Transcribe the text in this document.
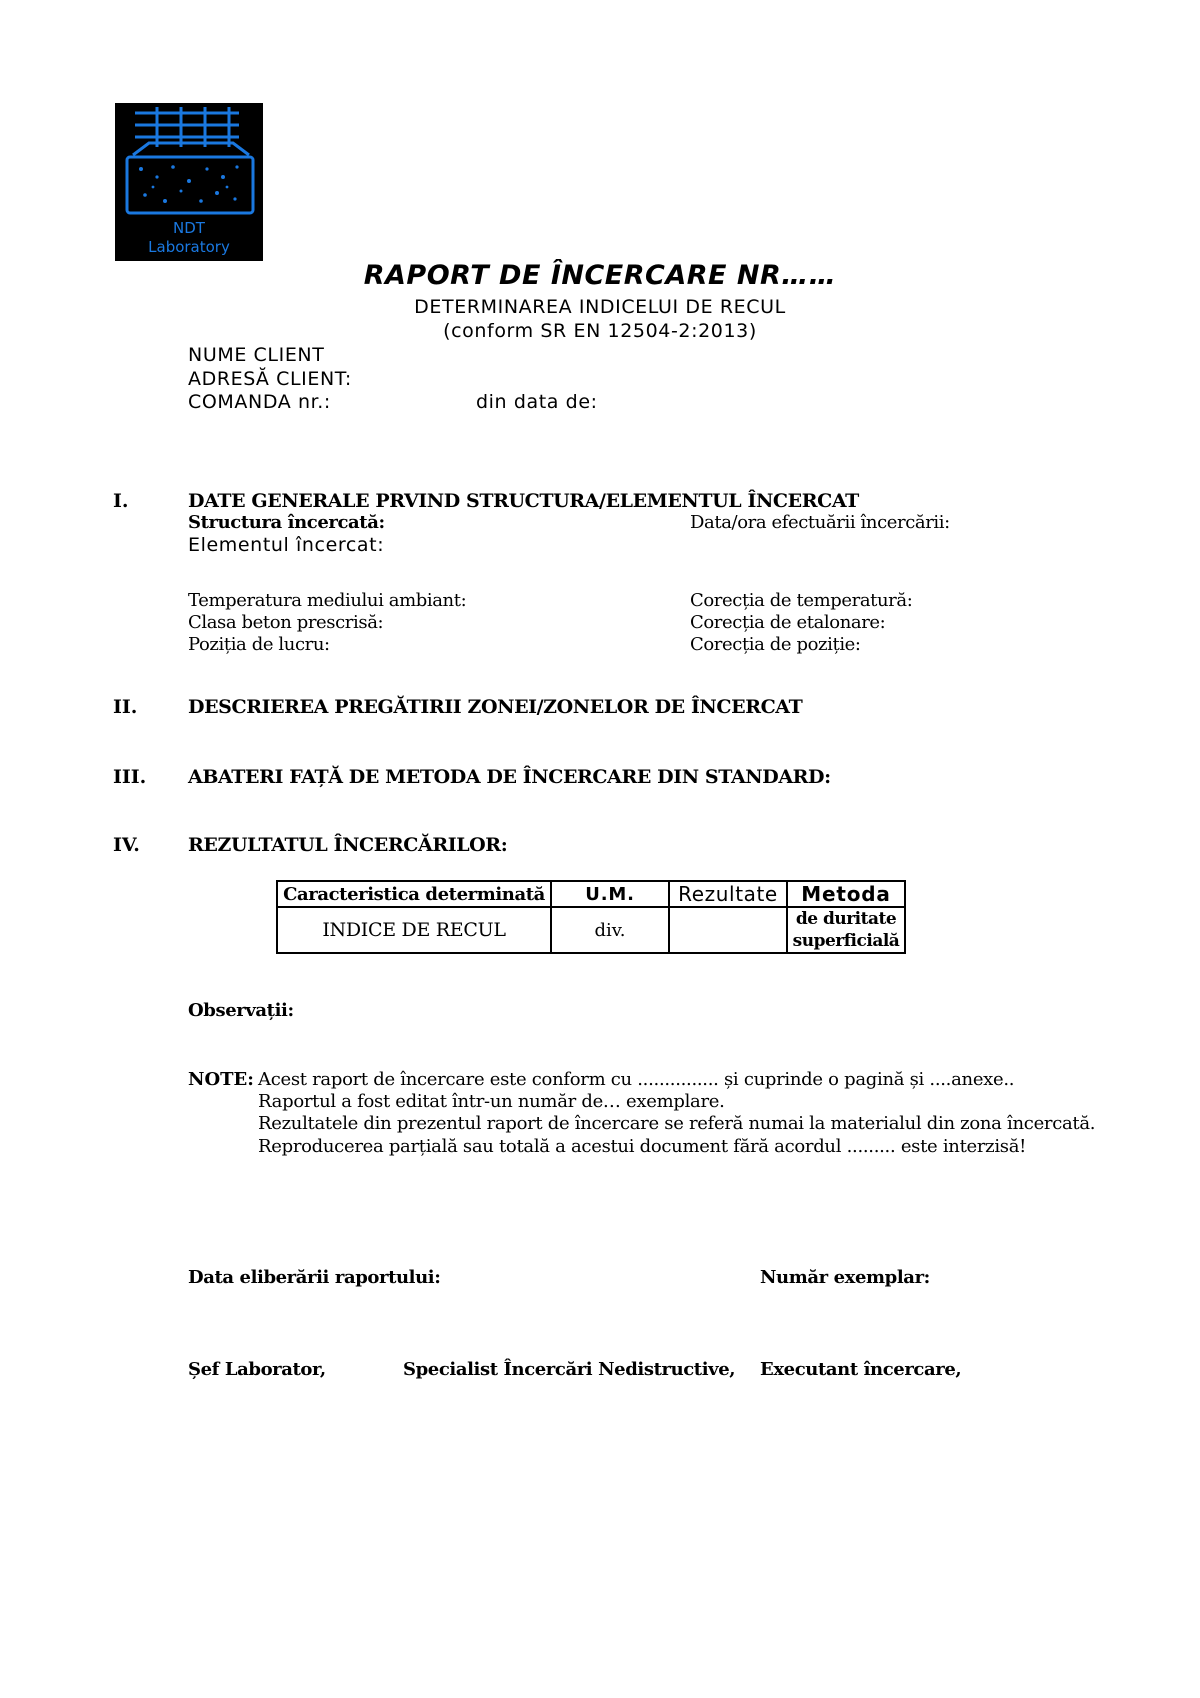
NDT
Laboratory
RAPORT DE ÎNCERCARE NR……
DETERMINAREA INDICELUI DE RECUL
(conform SR EN 12504-2:2013)
NUME CLIENT
ADRESĂ CLIENT:
COMANDA nr.:	din data de:
I.	DATE GENERALE PRVIND STRUCTURA/ELEMENTUL ÎNCERCAT
Structura încercată:	Data/ora efectuării încercării:
Elementul încercat:
Temperatura mediului ambiant:	Corecția de temperatură:
Clasa beton prescrisă:	Corecția de etalonare:
Poziția de lucru:	Corecția de poziție:
II.	DESCRIEREA PREGĂTIRII ZONEI/ZONELOR DE ÎNCERCAT
III. ABATERI FAȚĂ DE METODA DE ÎNCERCARE DIN STANDARD:
IV.	REZULTATUL ÎNCERCĂRILOR:
Caracteristica determinată	U.M.	Rezultate	Metoda
INDICE DE RECUL	div.		de duritate
superficială
Observații:
NOTE: Acest raport de încercare este conform cu ............... și cuprinde o pagină și ....anexe..
Raportul a fost editat într-un număr de… exemplare.
Rezultatele din prezentul raport de încercare se referă numai la materialul din zona încercată.
Reproducerea parțială sau totală a acestui document fără acordul ......... este interzisă!
Data eliberării raportului:	Număr exemplar:
Șef Laborator,	Specialist Încercări Nedistructive, Executant încercare,
